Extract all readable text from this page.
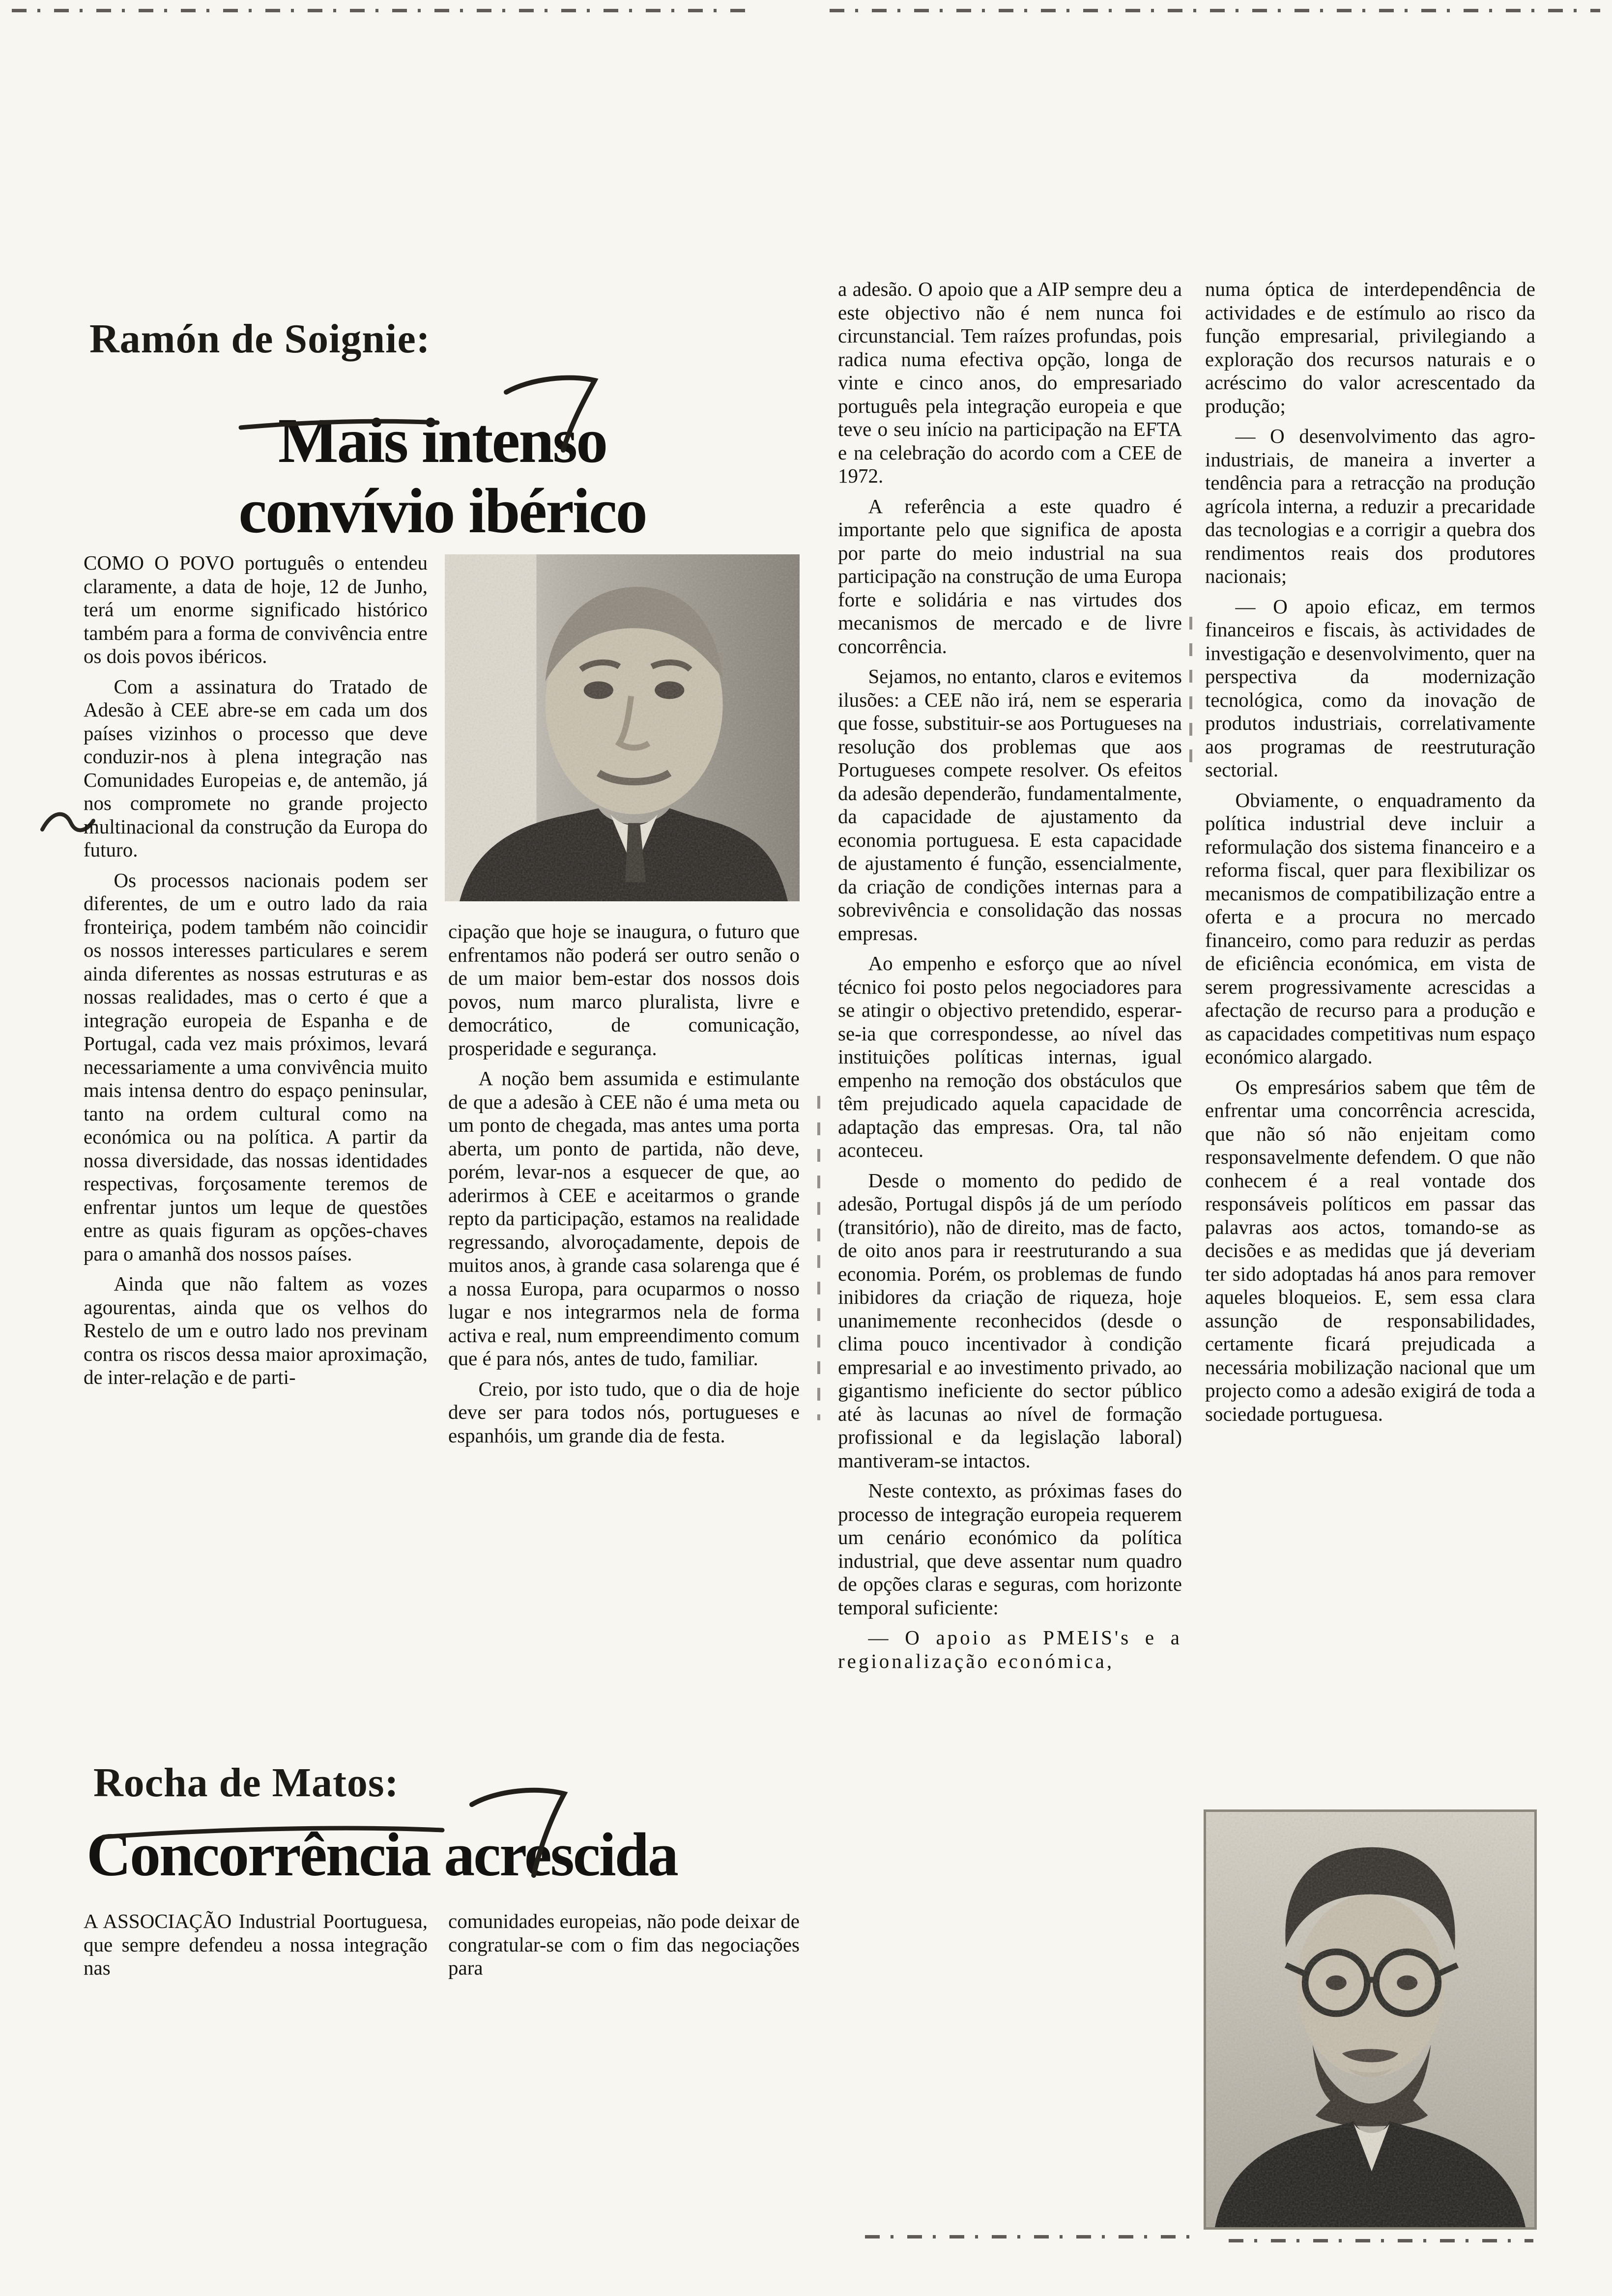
Ramón de Soignie:
Mais intenso
convívio ibérico

COMO O POVO português o entendeu claramente, a data de hoje, 12 de Junho, terá um enorme significado histórico também para a forma de convivência entre os dois povos ibéricos.

Com a assinatura do Tratado de Adesão à CEE abre-se em cada um dos países vizinhos o processo que deve conduzir-nos à plena integração nas Comunidades Europeias e, de antemão, já nos compromete no grande projecto multinacional da construção da Europa do futuro.

Os processos nacionais podem ser diferentes, de um e outro lado da raia fronteiriça, podem também não coincidir os nossos interesses particulares e serem ainda diferentes as nossas estruturas e as nossas realidades, mas o certo é que a integração europeia de Espanha e de Portugal, cada vez mais próximos, levará necessariamente a uma convivência muito mais intensa dentro do espaço peninsular, tanto na ordem cultural como na económica ou na política. A partir da nossa diversidade, das nossas identidades respectivas, forçosamente teremos de enfrentar juntos um leque de questões entre as quais figuram as opções-chaves para o amanhã dos nossos países.

Ainda que não faltem as vozes agourentas, ainda que os velhos do Restelo de um e outro lado nos previnam contra os riscos dessa maior aproximação, de inter-relação e de parti-

cipação que hoje se inaugura, o futuro que enfrentamos não poderá ser outro senão o de um maior bem-estar dos nossos dois povos, num marco pluralista, livre e democrático, de comunicação, prosperidade e segurança.

A noção bem assumida e estimulante de que a adesão à CEE não é uma meta ou um ponto de chegada, mas antes uma porta aberta, um ponto de partida, não deve, porém, levar-nos a esquecer de que, ao aderirmos à CEE e aceitarmos o grande repto da participação, estamos na realidade regressando, alvoroçadamente, depois de muitos anos, à grande casa solarenga que é a nossa Europa, para ocuparmos o nosso lugar e nos integrarmos nela de forma activa e real, num empreendimento comum que é para nós, antes de tudo, familiar.

Creio, por isto tudo, que o dia de hoje deve ser para todos nós, portugueses e espanhóis, um grande dia de festa.

Rocha de Matos:
Concorrência acrescida

A ASSOCIAÇÃO Industrial Poortuguesa, que sempre defendeu a nossa integração nas

comunidades europeias, não pode deixar de congratular-se com o fim das negociações para

a adesão. O apoio que a AIP sempre deu a este objectivo não é nem nunca foi circunstancial. Tem raízes profundas, pois radica numa efectiva opção, longa de vinte e cinco anos, do empresariado português pela integração europeia e que teve o seu início na participação na EFTA e na celebração do acordo com a CEE de 1972.

A referência a este quadro é importante pelo que significa de aposta por parte do meio industrial na sua participação na construção de uma Europa forte e solidária e nas virtudes dos mecanismos de mercado e de livre concorrência.

Sejamos, no entanto, claros e evitemos ilusões: a CEE não irá, nem se esperaria que fosse, substituir-se aos Portugueses na resolução dos problemas que aos Portugueses compete resolver. Os efeitos da adesão dependerão, fundamentalmente, da capacidade de ajustamento da economia portuguesa. E esta capacidade de ajustamento é função, essencialmente, da criação de condições internas para a sobrevivência e consolidação das nossas empresas.

Ao empenho e esforço que ao nível técnico foi posto pelos negociadores para se atingir o objectivo pretendido, esperar-se-ia que correspondesse, ao nível das instituições políticas internas, igual empenho na remoção dos obstáculos que têm prejudicado aquela capacidade de adaptação das empresas. Ora, tal não aconteceu.

Desde o momento do pedido de adesão, Portugal dispôs já de um período (transitório), não de direito, mas de facto, de oito anos para ir reestruturando a sua economia. Porém, os problemas de fundo inibidores da criação de riqueza, hoje unanimemente reconhecidos (desde o clima pouco incentivador à condição empresarial e ao investimento privado, ao gigantismo ineficiente do sector público até às lacunas ao nível de formação profissional e da legislação laboral) mantiveram-se intactos.

Neste contexto, as próximas fases do processo de integração europeia requerem um cenário económico da política industrial, que deve assentar num quadro de opções claras e seguras, com horizonte temporal suficiente:

— O apoio as PMEIS's e a regionalização económica,

numa óptica de interdependência de actividades e de estímulo ao risco da função empresarial, privilegiando a exploração dos recursos naturais e o acréscimo do valor acrescentado da produção;

— O desenvolvimento das agro-industriais, de maneira a inverter a tendência para a retracção na produção agrícola interna, a reduzir a precaridade das tecnologias e a corrigir a quebra dos rendimentos reais dos produtores nacionais;

— O apoio eficaz, em termos financeiros e fiscais, às actividades de investigação e desenvolvimento, quer na perspectiva da modernização tecnológica, como da inovação de produtos industriais, correlativamente aos programas de reestruturação sectorial.

Obviamente, o enquadramento da política industrial deve incluir a reformulação dos sistema financeiro e a reforma fiscal, quer para flexibilizar os mecanismos de compatibilização entre a oferta e a procura no mercado financeiro, como para reduzir as perdas de eficiência económica, em vista de serem progressivamente acrescidas a afectação de recurso para a produção e as capacidades competitivas num espaço económico alargado.

Os empresários sabem que têm de enfrentar uma concorrência acrescida, que não só não enjeitam como responsavelmente defendem. O que não conhecem é a real vontade dos responsáveis políticos em passar das palavras aos actos, tomando-se as decisões e as medidas que já deveriam ter sido adoptadas há anos para remover aqueles bloqueios. E, sem essa clara assunção de responsabilidades, certamente ficará prejudicada a necessária mobilização nacional que um projecto como a adesão exigirá de toda a sociedade portuguesa.
